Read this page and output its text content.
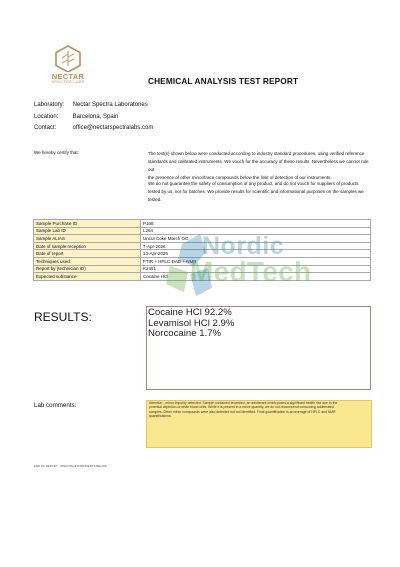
NECTAR
SPECTRA LABS	CHEMICAL ANALYSIS TEST REPORT
Laboratory: Nectar Spectra Laboratories
Location: Barcelona, Spain
Contact:	office@nectarspectralabs.com
We hereby certify that:	The test(s) shown below were conducted according to industry standard procedures, using verified reference
standards and calibrated instruments. We vouch for the accuracy of these results. Nevertheless we cannot rule out
the presence of other minor/trace compounds below the limit of detection of our instruments.
We do not guarantee the safety of consumption of any product, and do not vouch for suppliers of products
tested by us, nor for batches. We provide results for scientific and informational purposes on the samples we tested.
Sample Purchase ID	P168
Sample Lab ID	L264
Sample ALIAS	Uncut Coke March OG
Date of sample reception	7-Apr-2026
Date of report	13-Apr-2026
Techniques used:	FTIR + HPLC-DAD + NMR
Report by (technician ID)	K2451
Expected substance	Cocaine HCl
Nordic
MedTech
RESULTS:	Cocaine HCl 92.2%
Levamisol HCl 2.9%
Norcocaine 1.7%
Lab comments:	Attention - minor impurity detected. Sample contained levamisol, an adulterant which poses a significant health risk due to the
potential depletion of white blood cells. While it is present in a minor quantity, we do not recommend consuming adulterated
samples. Other minor compounds were also detected but not identified. Final quantification is an average of HPLC and NMR
quantifications.
END OF REPORT - SPECTRA/INSTRUMENTS BELOW
